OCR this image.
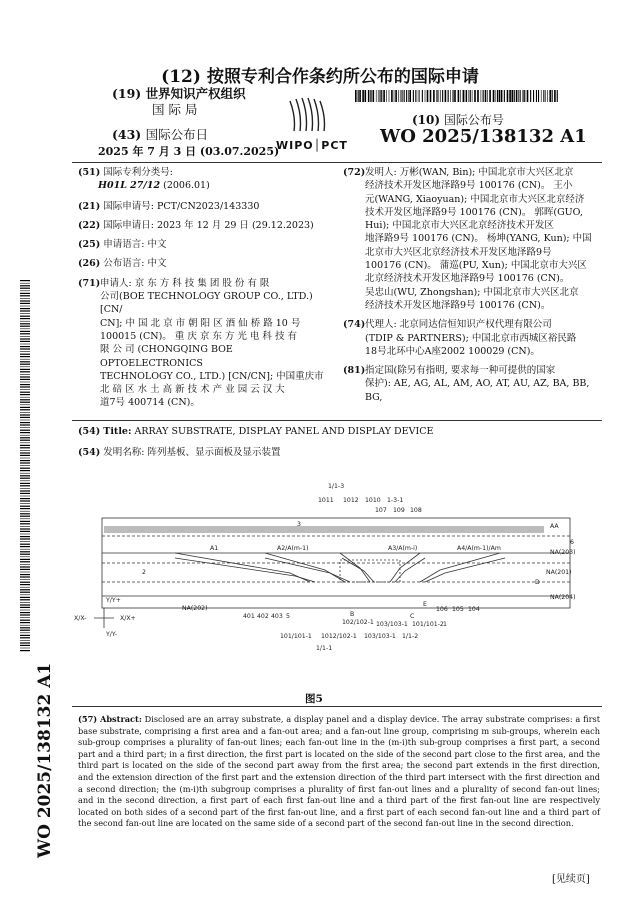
(12) 按照专利合作条约所公布的国际申请
(19) 世界知识产权组织
国 际 局
(43) 国际公布日
2025 年 7 月 3 日 (03.07.2025)
WIPO│PCT
(10) 国际公布号
WO 2025/138132 A1
(51) 国际专利分类号:
H01L 27/12 (2006.01)
(21) 国际申请号: PCT/CN2023/143330
(22) 国际申请日: 2023 年 12 月 29 日 (29.12.2023)
(25) 申请语言: 中文
(26) 公布语言: 中文
(71) 申请人: 京 东 方 科 技 集 团 股 份 有 限
公司(BOE TECHNOLOGY GROUP CO., LTD.) [CN/
CN]; 中 国 北 京 市 朝 阳 区 酒 仙 桥 路 10 号
100015 (CN)。 重 庆 京 东 方 光 电 科 技 有
限 公 司 (CHONGQING BOE OPTOELECTRONICS
TECHNOLOGY CO., LTD.) [CN/CN]; 中国重庆市
北 碚 区 水 土 高 新 技 术 产 业 园 云 汉 大
道7号 400714 (CN)。
(72) 发明人: 万彬(WAN, Bin); 中国北京市大兴区北京
经济技术开发区地泽路9号 100176 (CN)。 王小
元(WANG, Xiaoyuan); 中国北京市大兴区北京经济
技术开发区地泽路9号 100176 (CN)。 郭晖(GUO,
Hui); 中国北京市大兴区北京经济技术开发区
地泽路9号 100176 (CN)。 杨坤(YANG, Kun); 中国
北京市大兴区北京经济技术开发区地泽路9号
100176 (CN)。 蒲巡(PU, Xun); 中国北京市大兴区
北京经济技术开发区地泽路9号 100176 (CN)。
吴忠山(WU, Zhongshan); 中国北京市大兴区北京
经济技术开发区地泽路9号 100176 (CN)。
(74) 代理人: 北京同达信恒知识产权代理有限公司
(TDIP & PARTNERS); 中国北京市西城区裕民路
18号北环中心A座2002 100029 (CN)。
(81) 指定国(除另有指明, 要求每一种可提供的国家
保护): AE, AG, AL, AM, AO, AT, AU, AZ, BA, BB, BG,
(54) Title: ARRAY SUBSTRATE, DISPLAY PANEL AND DISPLAY DEVICE
(54) 发明名称: 阵列基板、显示面板及显示装置
1/1-3
1011 1012 1010 1-3-1
107 109 108
3	AA
A1	A2/A(m-1)	A3/A(m-i)	A4/A(m-1)/Am
6
NA(203)
2	NA(201)
D
NA(204)
Y/Y+
X/X-	X/X+
Y/Y-
NA(202)
401 402 403 5
E
106 105 104
B
102/102-1 103/103-1 101/101-2 1
C
101/101-1 1012/102-1 103/103-1 1/1-2
1/1-1
图5
(57) Abstract: Disclosed are an array substrate, a display panel and a display device. The array substrate comprises: a first base substrate, comprising a first area and a fan-out area; and a fan-out line group, comprising m sub-groups, wherein each sub-group comprises a plurality of fan-out lines; each fan-out line in the (m-i)th sub-group comprises a first part, a second part and a third part; in a first direction, the first part is located on the side of the second part close to the first area, and the third part is located on the side of the second part away from the first area; the second part extends in the first direction, and the extension direction of the first part and the extension direction of the third part intersect with the first direction and a second direction; the (m-i)th subgroup comprises a plurality of first fan-out lines and a plurality of second fan-out lines; and in the second direction, a first part of each first fan-out line and a third part of the first fan-out line are respectively located on both sides of a second part of the first fan-out line, and a first part of each second fan-out line and a third part of the second fan-out line are located on the same side of a second part of the second fan-out line in the second direction.
WO 2025/138132 A1
[见续页]
